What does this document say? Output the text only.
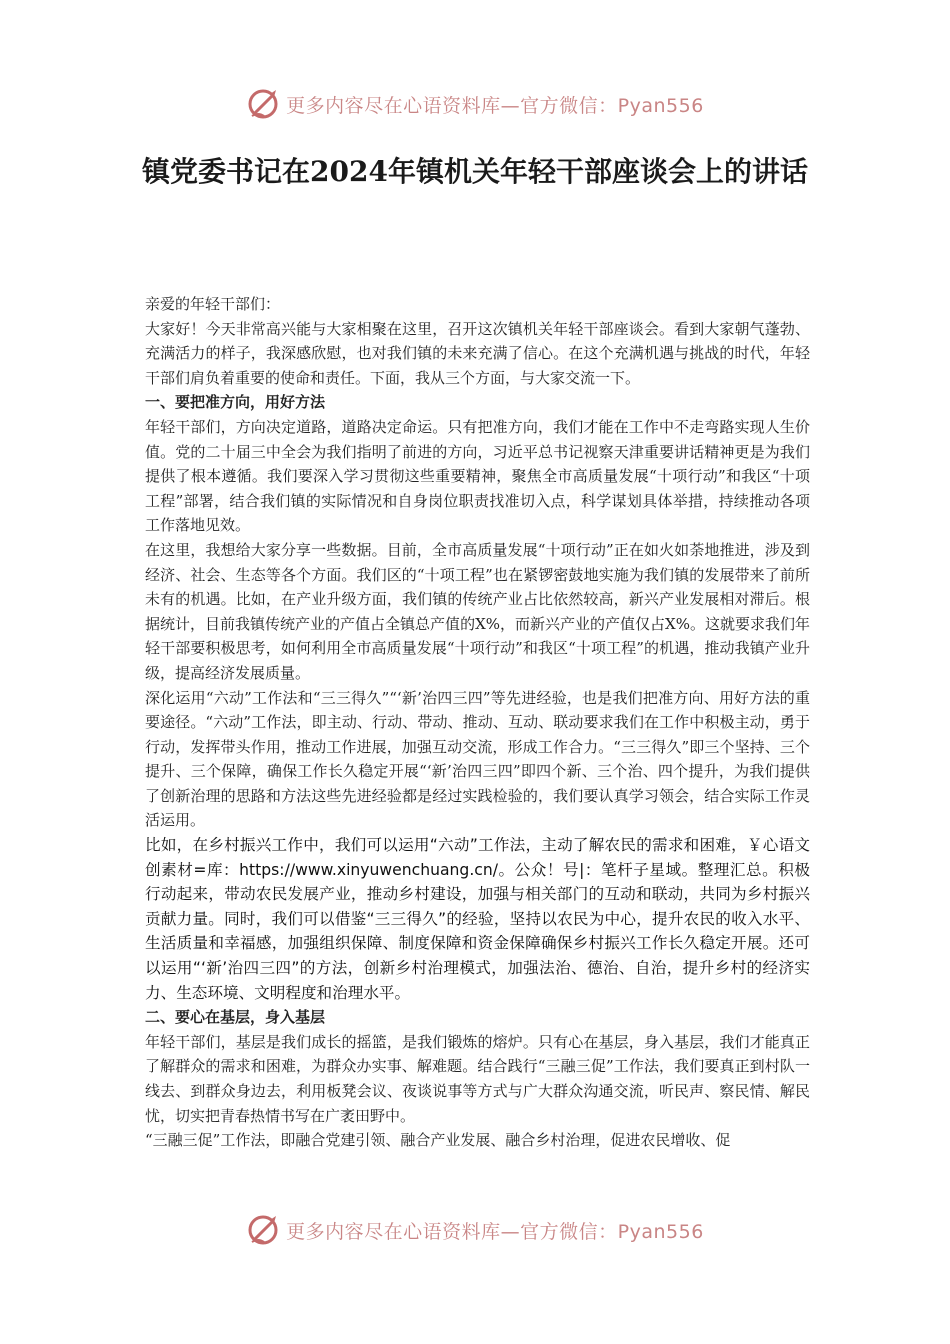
更多内容尽在心语资料库—官方微信：Pyan556
镇党委书记在2024年镇机关年轻干部座谈会上的讲话

亲爱的年轻干部们：

大家好！今天非常高兴能与大家相聚在这里，召开这次镇机关年轻干部座谈会。看到大家朝气蓬勃、充满活力的样子，我深感欣慰，也对我们镇的未来充满了信心。在这个充满机遇与挑战的时代，年轻干部们肩负着重要的使命和责任。下面，我从三个方面，与大家交流一下。

一、要把准方向，用好方法

年轻干部们，方向决定道路，道路决定命运。只有把准方向，我们才能在工作中不走弯路实现人生价值。党的二十届三中全会为我们指明了前进的方向，习近平总书记视察天津重要讲话精神更是为我们提供了根本遵循。我们要深入学习贯彻这些重要精神，聚焦全市高质量发展“十项行动”和我区“十项工程”部署，结合我们镇的实际情况和自身岗位职责找准切入点，科学谋划具体举措，持续推动各项工作落地见效。

在这里，我想给大家分享一些数据。目前，全市高质量发展“十项行动”正在如火如荼地推进，涉及到经济、社会、生态等各个方面。我们区的“十项工程”也在紧锣密鼓地实施为我们镇的发展带来了前所未有的机遇。比如，在产业升级方面，我们镇的传统产业占比依然较高，新兴产业发展相对滞后。根据统计，目前我镇传统产业的产值占全镇总产值的X%，而新兴产业的产值仅占X%。这就要求我们年轻干部要积极思考，如何利用全市高质量发展“十项行动”和我区“十项工程”的机遇，推动我镇产业升级，提高经济发展质量。

深化运用“六动”工作法和“三三得久”“‘新’治四三四”等先进经验，也是我们把准方向、用好方法的重要途径。“六动”工作法，即主动、行动、带动、推动、互动、联动要求我们在工作中积极主动，勇于行动，发挥带头作用，推动工作进展，加强互动交流，形成工作合力。“三三得久”即三个坚持、三个提升、三个保障，确保工作长久稳定开展“‘新’治四三四”即四个新、三个治、四个提升，为我们提供了创新治理的思路和方法这些先进经验都是经过实践检验的，我们要认真学习领会，结合实际工作灵活运用。

比如，在乡村振兴工作中，我们可以运用“六动”工作法，主动了解农民的需求和困难，￥心语文创素材=库：https://www.xinyuwenchuang.cn/。公众！号|：笔杆子星域。整理汇总。积极行动起来，带动农民发展产业，推动乡村建设，加强与相关部门的互动和联动，共同为乡村振兴贡献力量。同时，我们可以借鉴“三三得久”的经验，坚持以农民为中心，提升农民的收入水平、生活质量和幸福感，加强组织保障、制度保障和资金保障确保乡村振兴工作长久稳定开展。还可以运用“‘新’治四三四”的方法，创新乡村治理模式，加强法治、德治、自治，提升乡村的经济实力、生态环境、文明程度和治理水平。

二、要心在基层，身入基层

年轻干部们，基层是我们成长的摇篮，是我们锻炼的熔炉。只有心在基层，身入基层，我们才能真正了解群众的需求和困难，为群众办实事、解难题。结合践行“三融三促”工作法，我们要真正到村队一线去、到群众身边去，利用板凳会议、夜谈说事等方式与广大群众沟通交流，听民声、察民情、解民忧，切实把青春热情书写在广袤田野中。

“三融三促”工作法，即融合党建引领、融合产业发展、融合乡村治理，促进农民增收、促

更多内容尽在心语资料库—官方微信：Pyan556
